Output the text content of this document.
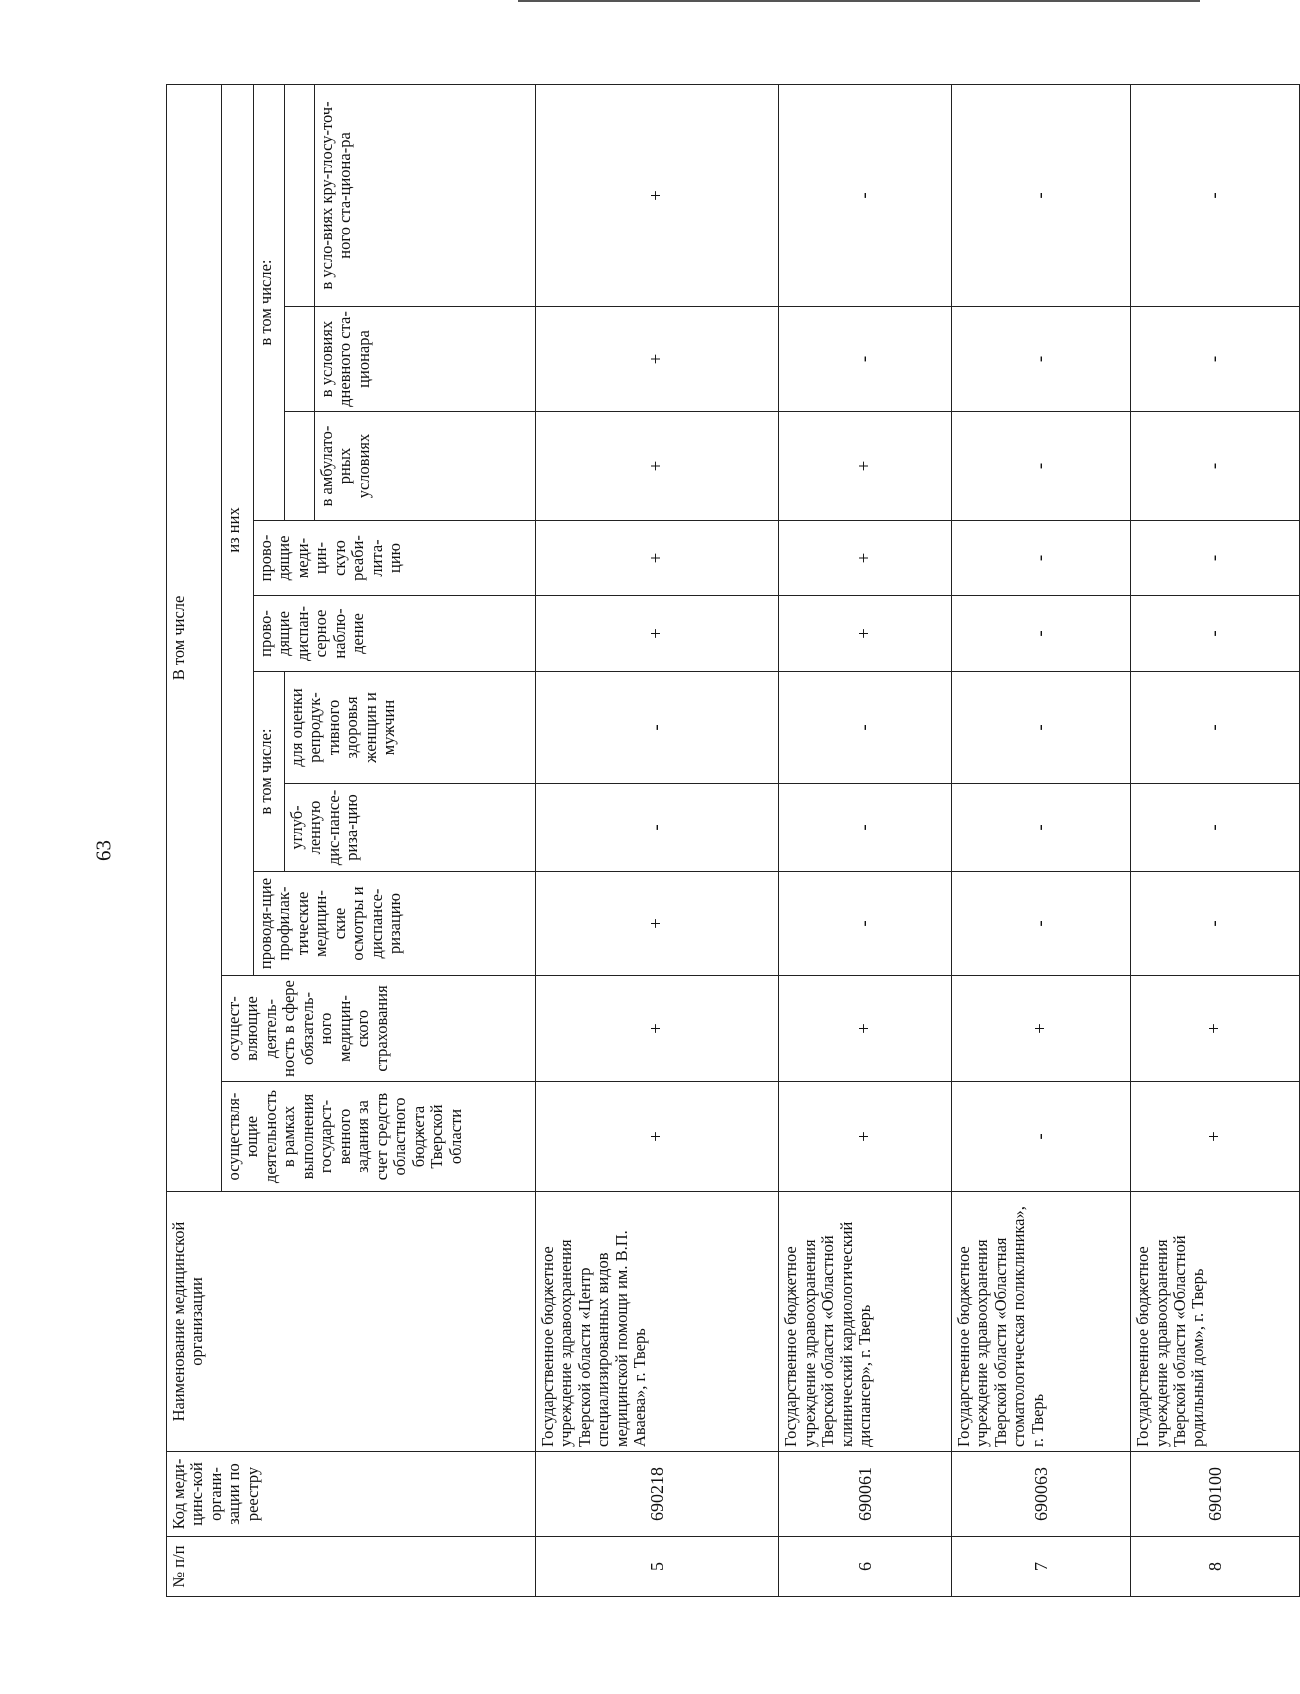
63
№ п/п	Код меди-цинс-кой органи-зации по реестру	Наименование медицинской организации	В том числе									
			осуществля-ющие деятельность в рамках выполнения государст-венного задания за счет средств областного бюджета Тверской области	осущест-вляющие деятель-ность в сфере обязатель-ного медицин-ского страхования	из них							
					проводя-щие профилак-тические медицин-ские осмотры и диспансе-ризацию	в том числе:		прово-дящие диспан-серное наблю-дение	прово-дящие меди-цин-скую реаби-лита-цию	в том числе:		
						углуб-ленную дис-пансе-риза-цию	для оценки репродук-тивного здоровья женщин и мужчин					
										в амбулато-рных условиях	в условиях дневного ста-ционара	в усло-виях кру-глосу-точ-ного ста-циона-ра
5	690218	Государственное бюджетное учреждение здравоохранения Тверской области «Центр специализированных видов медицинской помощи им. В.П. Аваева», г. Тверь	+	+	+	-	-	+	+	+	+	+
6	690061	Государственное бюджетное учреждение здравоохранения Тверской области «Областной клинический кардиологический диспансер», г. Тверь	+	+	-	-	-	+	+	+	-	-
7	690063	Государственное бюджетное учреждение здравоохранения Тверской области «Областная стоматологическая поликлиника», г. Тверь	-	+	-	-	-	-	-	-	-	-
8	690100	Государственное бюджетное учреждение здравоохранения Тверской области «Областной родильный дом», г. Тверь	+	+	-	-	-	-	-	-	-	-
